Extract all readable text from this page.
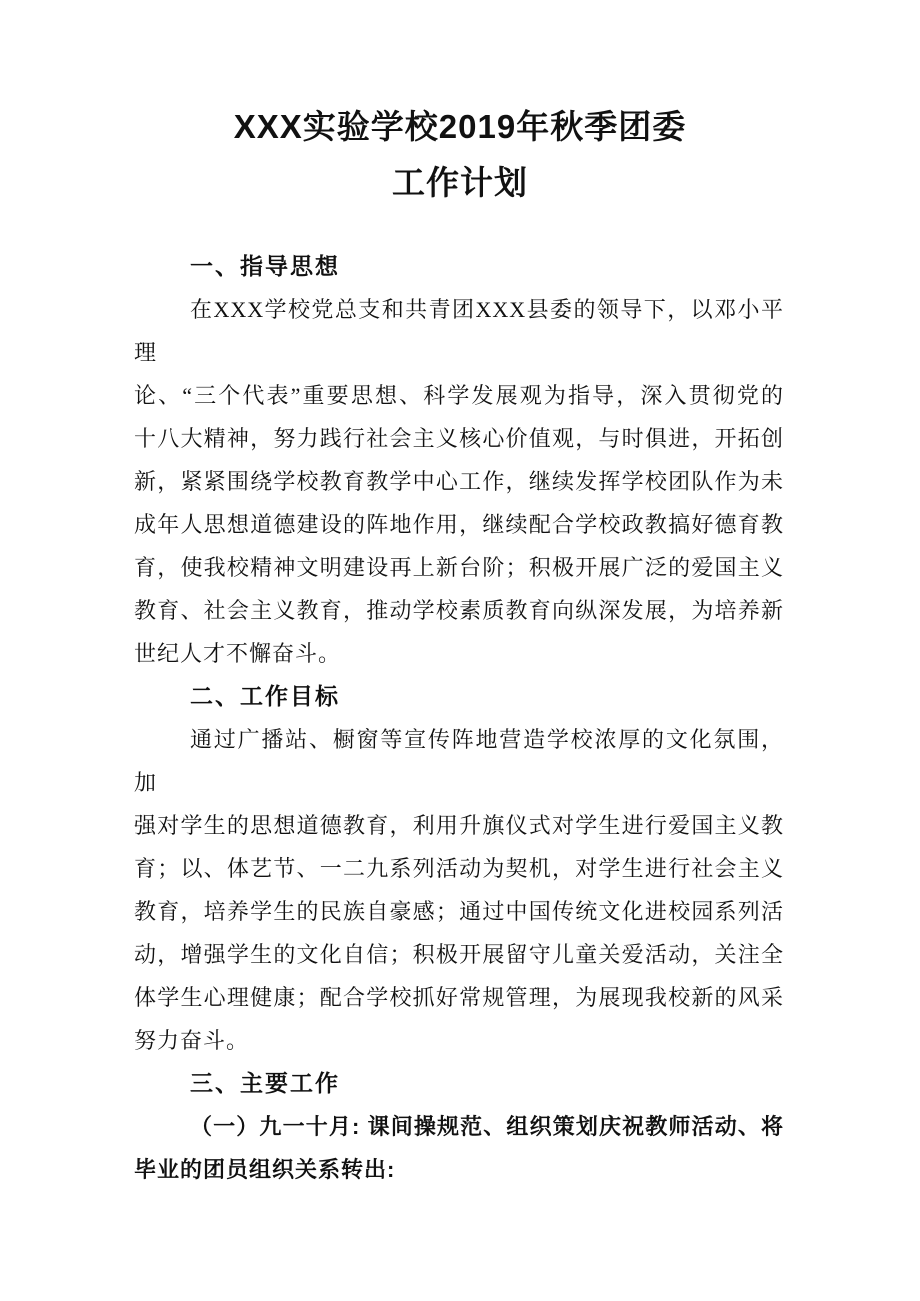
XXX实验学校2019年秋季团委
工作计划
一、指导思想
在XXX学校党总支和共青团XXX县委的领导下，以邓小平理
论、“三个代表”重要思想、科学发展观为指导，深入贯彻党的
十八大精神，努力践行社会主义核心价值观，与时俱进，开拓创
新，紧紧围绕学校教育教学中心工作，继续发挥学校团队作为未
成年人思想道德建设的阵地作用，继续配合学校政教搞好德育教
育，使我校精神文明建设再上新台阶；积极开展广泛的爱国主义
教育、社会主义教育，推动学校素质教育向纵深发展，为培养新
世纪人才不懈奋斗。
二、工作目标
通过广播站、橱窗等宣传阵地营造学校浓厚的文化氛围，加
强对学生的思想道德教育，利用升旗仪式对学生进行爱国主义教
育；以、体艺节、一二九系列活动为契机，对学生进行社会主义
教育，培养学生的民族自豪感；通过中国传统文化进校园系列活
动，增强学生的文化自信；积极开展留守儿童关爱活动，关注全
体学生心理健康；配合学校抓好常规管理，为展现我校新的风采
努力奋斗。
三、主要工作
（一）九一十月: 课间操规范、组织策划庆祝教师活动、将
毕业的团员组织关系转出:
